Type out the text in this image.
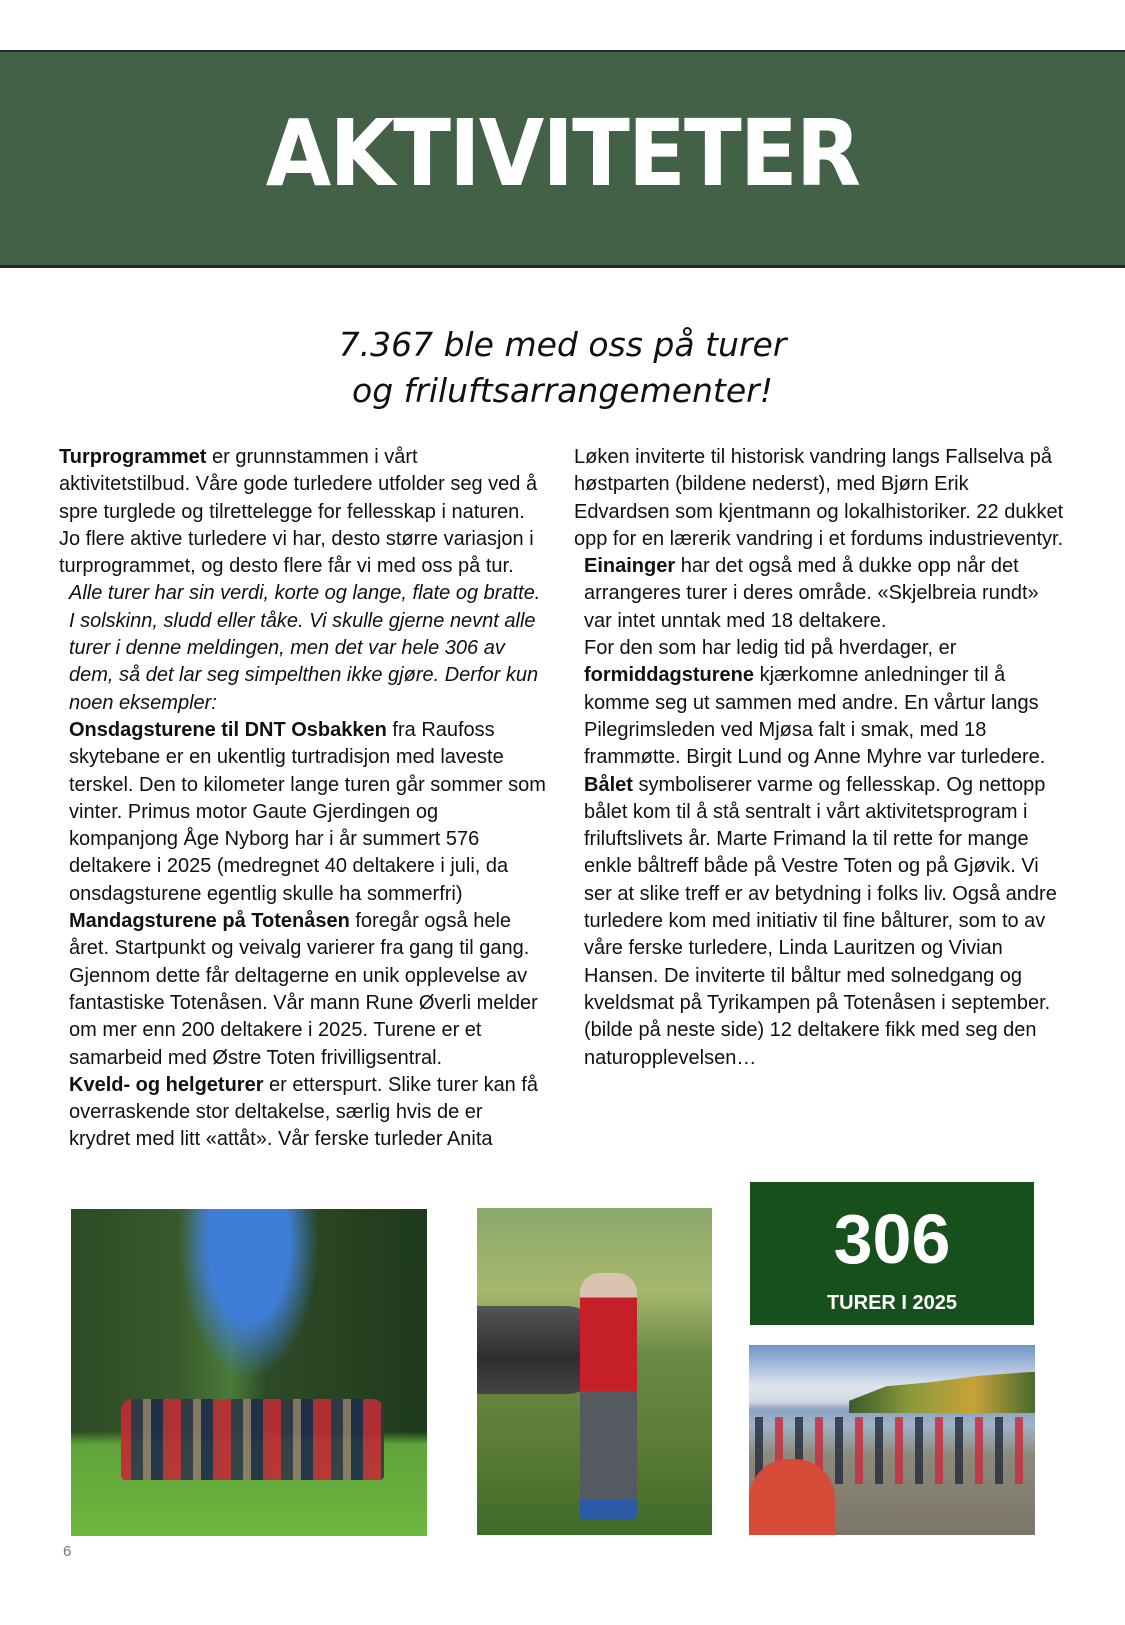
AKTIVITETER
7.367 ble med oss på turer
og friluftsarrangementer!

Turprogrammet er grunnstammen i vårt aktivitetstilbud. Våre gode turledere utfolder seg ved å spre turglede og tilrettelegge for fellesskap i naturen. Jo flere aktive turledere vi har, desto større variasjon i turprogrammet, og desto flere får vi med oss på tur.

Alle turer har sin verdi, korte og lange, flate og bratte. I solskinn, sludd eller tåke. Vi skulle gjerne nevnt alle turer i denne meldingen, men det var hele 306 av dem, så det lar seg simpelthen ikke gjøre. Derfor kun noen eksempler:

Onsdagsturene til DNT Osbakken fra Raufoss skytebane er en ukentlig turtradisjon med laveste terskel. Den to kilometer lange turen går sommer som vinter. Primus motor Gaute Gjerdingen og kompanjong Åge Nyborg har i år summert 576 deltakere i 2025 (medregnet 40 deltakere i juli, da onsdagsturene egentlig skulle ha sommerfri)

Mandagsturene på Totenåsen foregår også hele året. Startpunkt og veivalg varierer fra gang til gang. Gjennom dette får deltagerne en unik opplevelse av fantastiske Totenåsen. Vår mann Rune Øverli melder om mer enn 200 deltakere i 2025. Turene er et samarbeid med Østre Toten frivilligsentral.

Kveld- og helgeturer er etterspurt. Slike turer kan få overraskende stor deltakelse, særlig hvis de er krydret med litt «attåt». Vår ferske turleder Anita

Løken inviterte til historisk vandring langs Fallselva på høstparten (bildene nederst), med Bjørn Erik Edvardsen som kjentmann og lokalhistoriker. 22 dukket opp for en lærerik vandring i et fordums industrieventyr.

Einainger har det også med å dukke opp når det arrangeres turer i deres område. «Skjelbreia rundt» var intet unntak med 18 deltakere.

For den som har ledig tid på hverdager, er formiddagsturene kjærkomne anledninger til å komme seg ut sammen med andre. En vårtur langs Pilegrimsleden ved Mjøsa falt i smak, med 18 frammøtte. Birgit Lund og Anne Myhre var turledere.

Bålet symboliserer varme og fellesskap. Og nettopp bålet kom til å stå sentralt i vårt aktivitetsprogram i friluftslivets år. Marte Frimand la til rette for mange enkle båltreff både på Vestre Toten og på Gjøvik. Vi ser at slike treff er av betydning i folks liv. Også andre turledere kom med initiativ til fine bålturer, som to av våre ferske turledere, Linda Lauritzen og Vivian Hansen. De inviterte til båltur med solnedgang og kveldsmat på Tyrikampen på Totenåsen i september. (bilde på neste side) 12 deltakere fikk med seg den naturopplevelsen…

306
TURER I 2025
6
